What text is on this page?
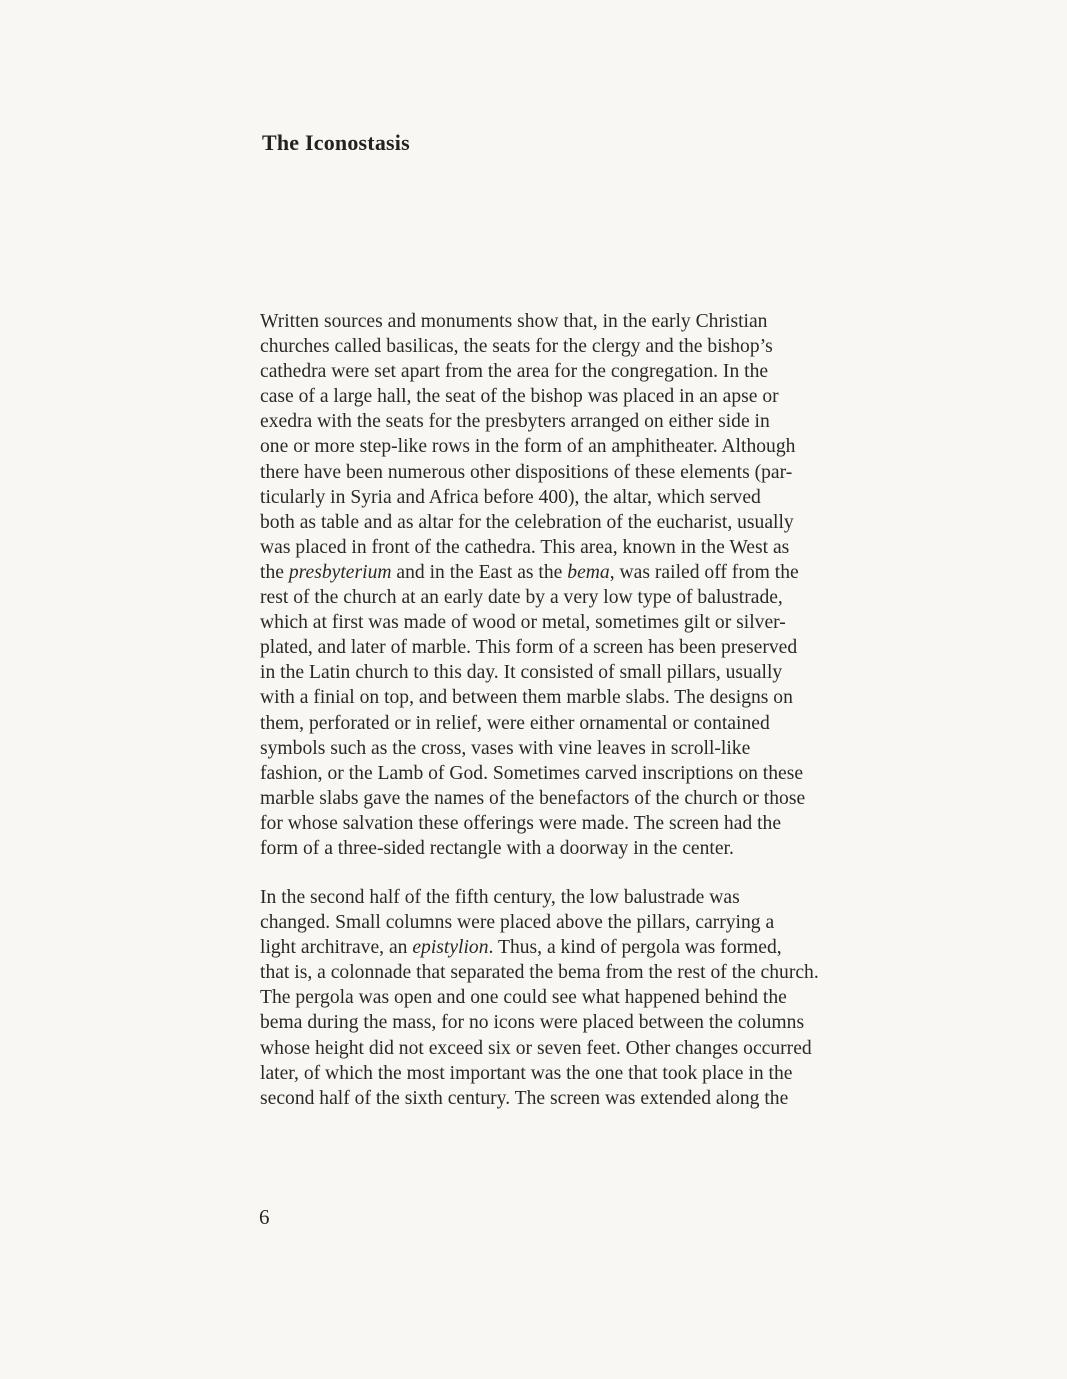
The Iconostasis
Written sources and monuments show that, in the early Christian
churches called basilicas, the seats for the clergy and the bishop’s
cathedra were set apart from the area for the congregation. In the
case of a large hall, the seat of the bishop was placed in an apse or
exedra with the seats for the presbyters arranged on either side in
one or more step-like rows in the form of an amphitheater. Although
there have been numerous other dispositions of these elements (par-
ticularly in Syria and Africa before 400), the altar, which served
both as table and as altar for the celebration of the eucharist, usually
was placed in front of the cathedra. This area, known in the West as
the presbyterium and in the East as the bema, was railed off from the
rest of the church at an early date by a very low type of balustrade,
which at first was made of wood or metal, sometimes gilt or silver-
plated, and later of marble. This form of a screen has been preserved
in the Latin church to this day. It consisted of small pillars, usually
with a finial on top, and between them marble slabs. The designs on
them, perforated or in relief, were either ornamental or contained
symbols such as the cross, vases with vine leaves in scroll-like
fashion, or the Lamb of God. Sometimes carved inscriptions on these
marble slabs gave the names of the benefactors of the church or those
for whose salvation these offerings were made. The screen had the
form of a three-sided rectangle with a doorway in the center.
In the second half of the fifth century, the low balustrade was
changed. Small columns were placed above the pillars, carrying a
light architrave, an epistylion. Thus, a kind of pergola was formed,
that is, a colonnade that separated the bema from the rest of the church.
The pergola was open and one could see what happened behind the
bema during the mass, for no icons were placed between the columns
whose height did not exceed six or seven feet. Other changes occurred
later, of which the most important was the one that took place in the
second half of the sixth century. The screen was extended along the
6
